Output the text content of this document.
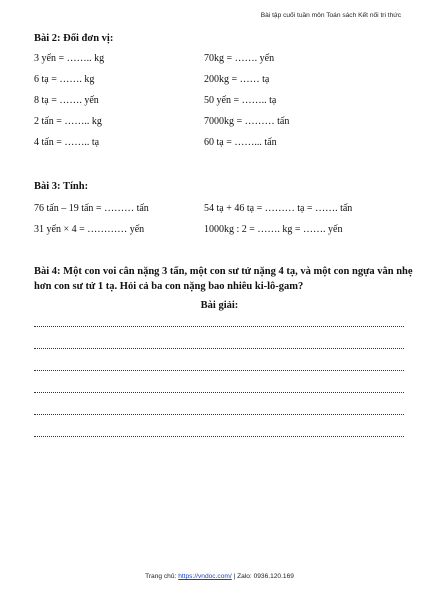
Bài tập cuối tuần môn Toán sách Kết nối tri thức
Bài 2: Đổi đơn vị:
3 yến = …….. kg	70kg = ……. yến
6 tạ = ……. kg	200kg = …… tạ
8 tạ = ……. yến	50 yến = …….. tạ
2 tấn = …….. kg	7000kg = ……… tấn
4 tấn = …….. tạ	60 tạ = ……... tấn
Bài 3: Tính:
76 tấn – 19 tấn = ……… tấn	54 tạ + 46 tạ = ……… tạ = ……. tấn
31 yến × 4 = ………… yến	1000kg : 2 = ……. kg = ……. yến
Bài 4: Một con voi cân nặng 3 tấn, một con sư tử nặng 4 tạ, và một con ngựa vằn nhẹ hơn con sư tử 1 tạ. Hỏi cả ba con nặng bao nhiêu ki-lô-gam?
Bài giải:
Trang chủ: https://vndoc.com/ | Zalo: 0936.120.169
